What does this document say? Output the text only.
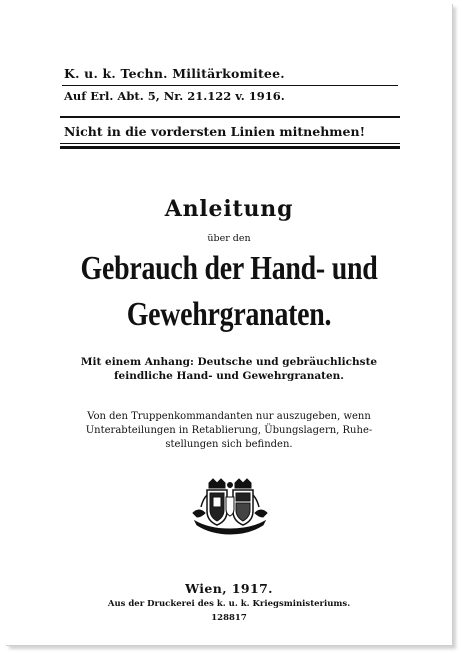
K. u. k. Techn. Militärkomitee.
Auf Erl. Abt. 5, Nr. 21.122 v. 1916.
Nicht in die vordersten Linien mitnehmen!
Anleitung
über den
Gebrauch der Hand- und
Gewehrgranaten.
Mit einem Anhang: Deutsche und gebräuchlichste
feindliche Hand- und Gewehrgranaten.
Von den Truppenkommandanten nur auszugeben, wenn
Unterabteilungen in Retablierung, Übungslagern, Ruhe-
stellungen sich befinden.
Wien, 1917.
Aus der Druckerei des k. u. k. Kriegsministeriums.
128817
